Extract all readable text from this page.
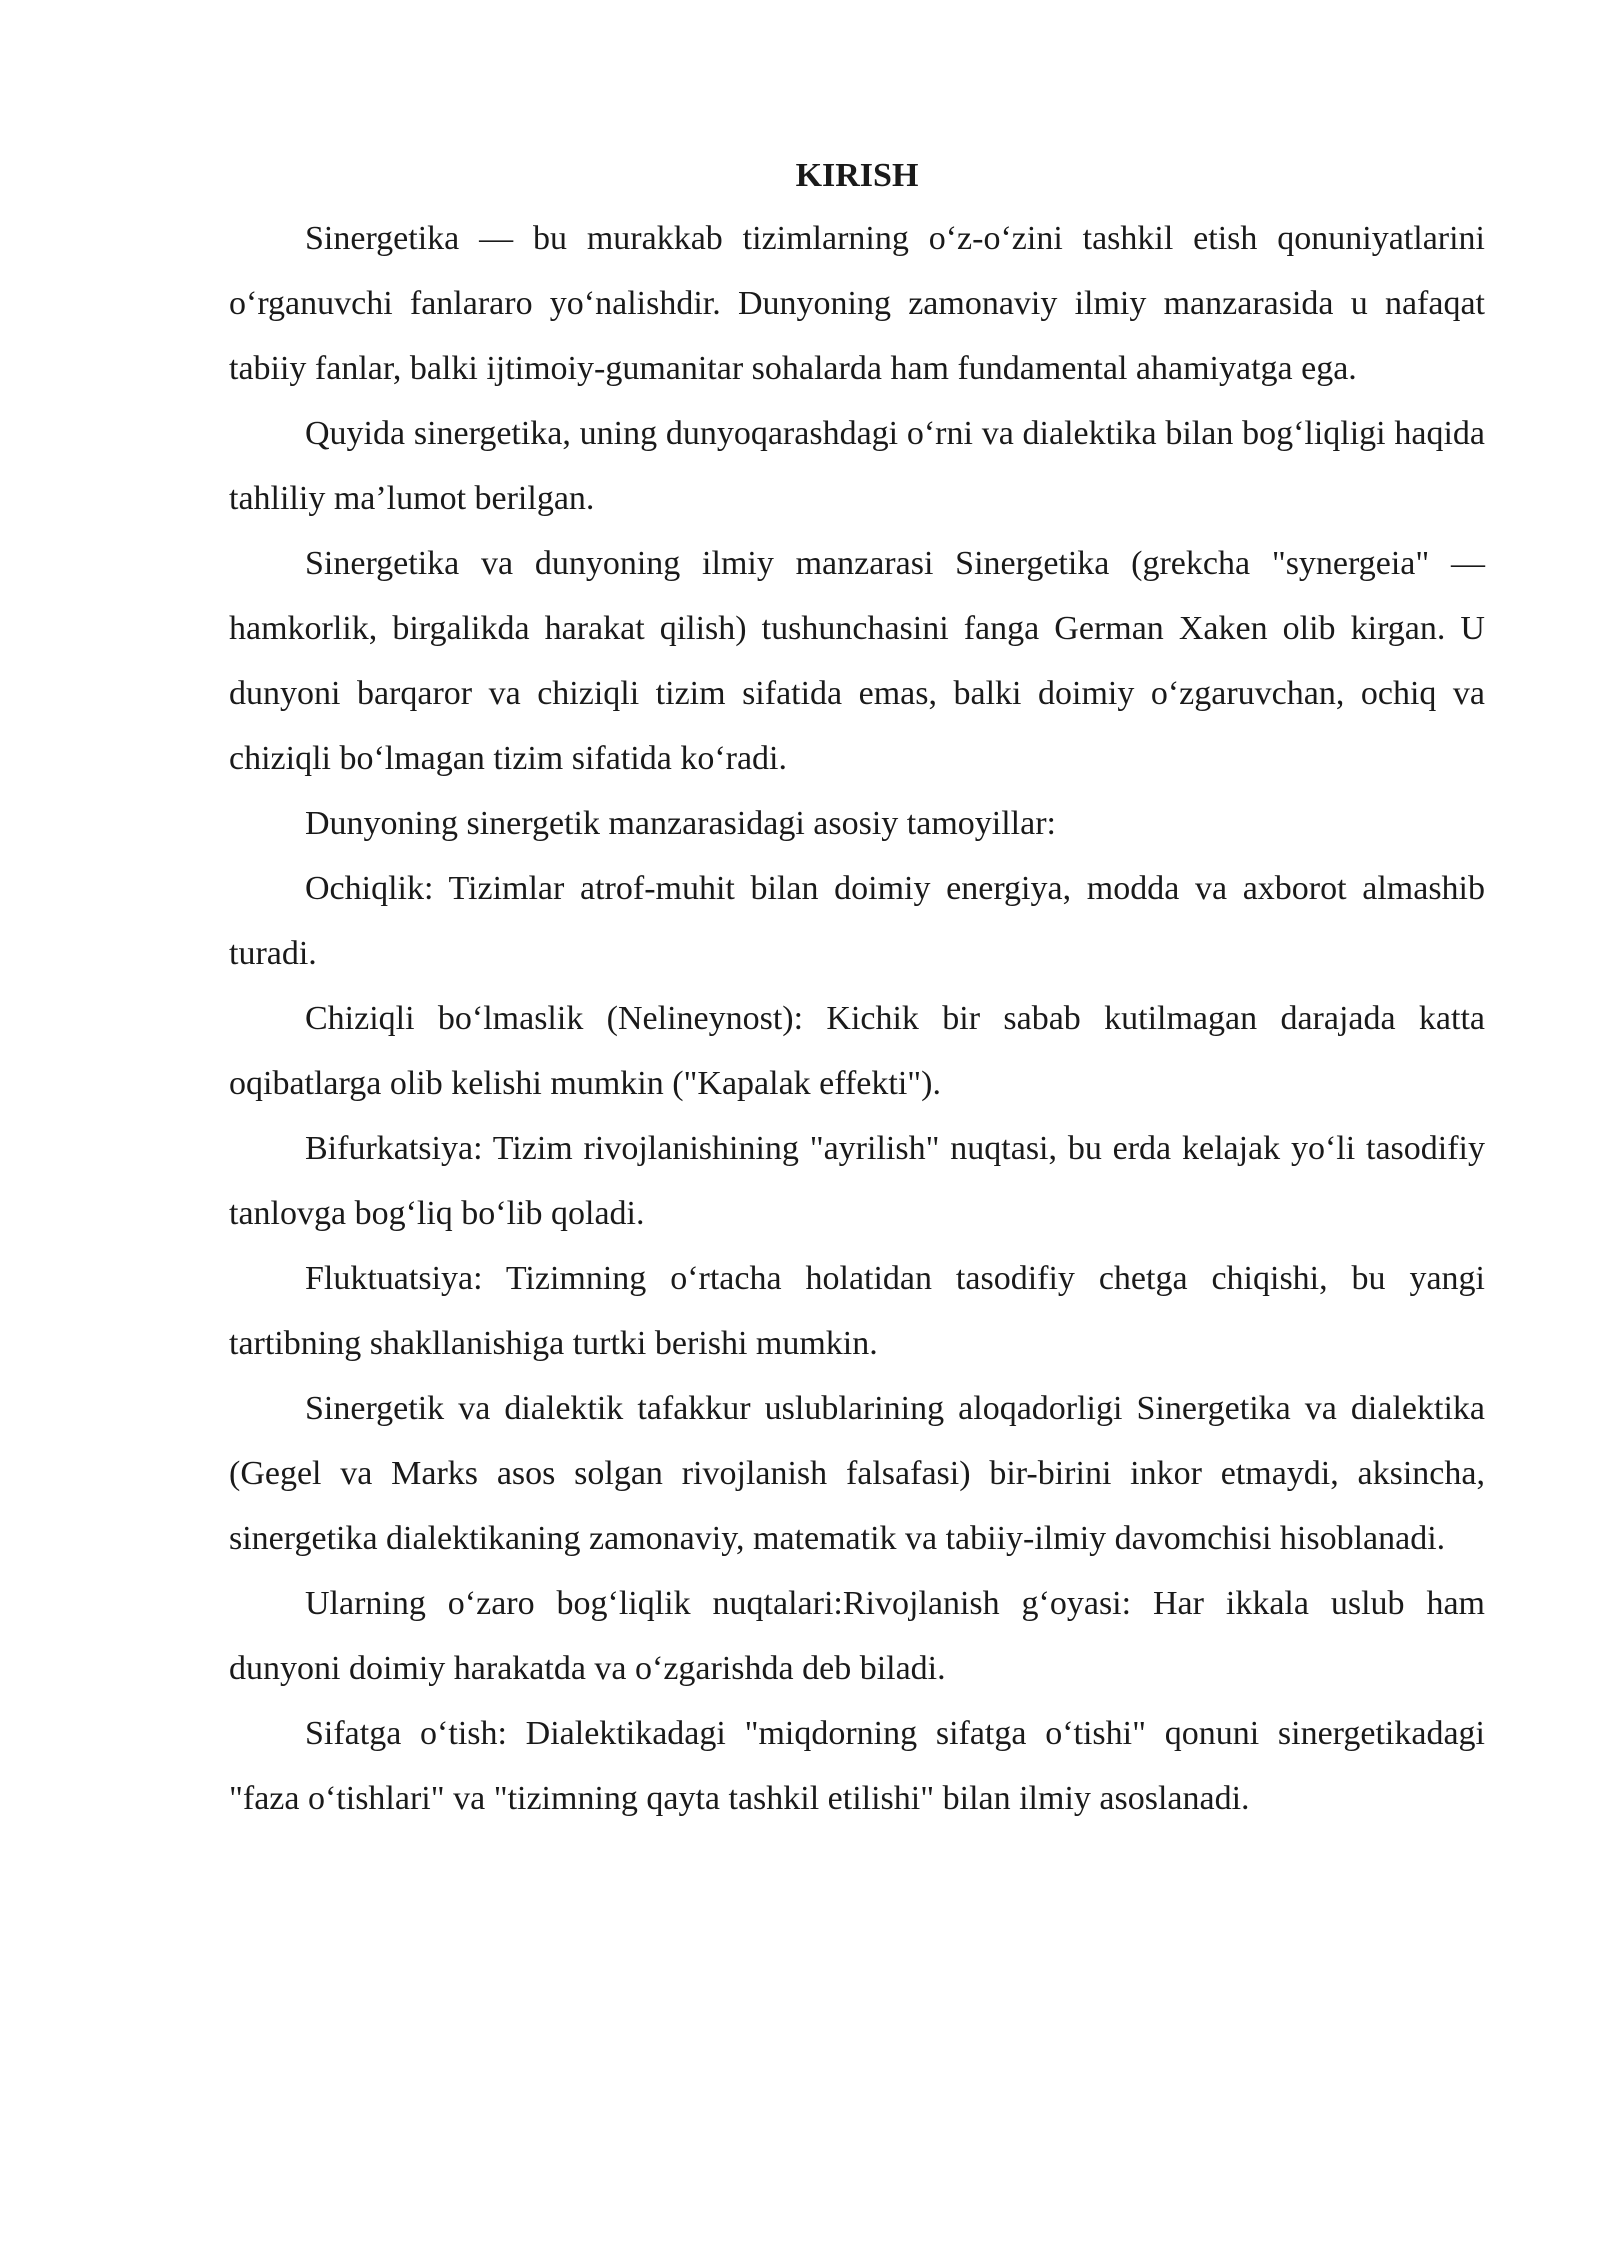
KIRISH

Sinergetika — bu murakkab tizimlarning o‘z-o‘zini tashkil etish qonuniyatlarini o‘rganuvchi fanlararo yo‘nalishdir. Dunyoning zamonaviy ilmiy manzarasida u nafaqat tabiiy fanlar, balki ijtimoiy-gumanitar sohalarda ham fundamental ahamiyatga ega.

Quyida sinergetika, uning dunyoqarashdagi o‘rni va dialektika bilan bog‘liqligi haqida tahliliy ma’lumot berilgan.

Sinergetika va dunyoning ilmiy manzarasi Sinergetika (grekcha "synergeia" — hamkorlik, birgalikda harakat qilish) tushunchasini fanga German Xaken olib kirgan. U dunyoni barqaror va chiziqli tizim sifatida emas, balki doimiy o‘zgaruvchan, ochiq va chiziqli bo‘lmagan tizim sifatida ko‘radi.

Dunyoning sinergetik manzarasidagi asosiy tamoyillar:

Ochiqlik: Tizimlar atrof-muhit bilan doimiy energiya, modda va axborot almashib turadi.

Chiziqli bo‘lmaslik (Nelineynost): Kichik bir sabab kutilmagan darajada katta oqibatlarga olib kelishi mumkin ("Kapalak effekti").

Bifurkatsiya: Tizim rivojlanishining "ayrilish" nuqtasi, bu erda kelajak yo‘li tasodifiy tanlovga bog‘liq bo‘lib qoladi.

Fluktuatsiya: Tizimning o‘rtacha holatidan tasodifiy chetga chiqishi, bu yangi tartibning shakllanishiga turtki berishi mumkin.

Sinergetik va dialektik tafakkur uslublarining aloqadorligi Sinergetika va dialektika (Gegel va Marks asos solgan rivojlanish falsafasi) bir-birini inkor etmaydi, aksincha, sinergetika dialektikaning zamonaviy, matematik va tabiiy-ilmiy davomchisi hisoblanadi.

Ularning o‘zaro bog‘liqlik nuqtalari:Rivojlanish g‘oyasi: Har ikkala uslub ham dunyoni doimiy harakatda va o‘zgarishda deb biladi.

Sifatga o‘tish: Dialektikadagi "miqdorning sifatga o‘tishi" qonuni sinergetikadagi "faza o‘tishlari" va "tizimning qayta tashkil etilishi" bilan ilmiy asoslanadi.
